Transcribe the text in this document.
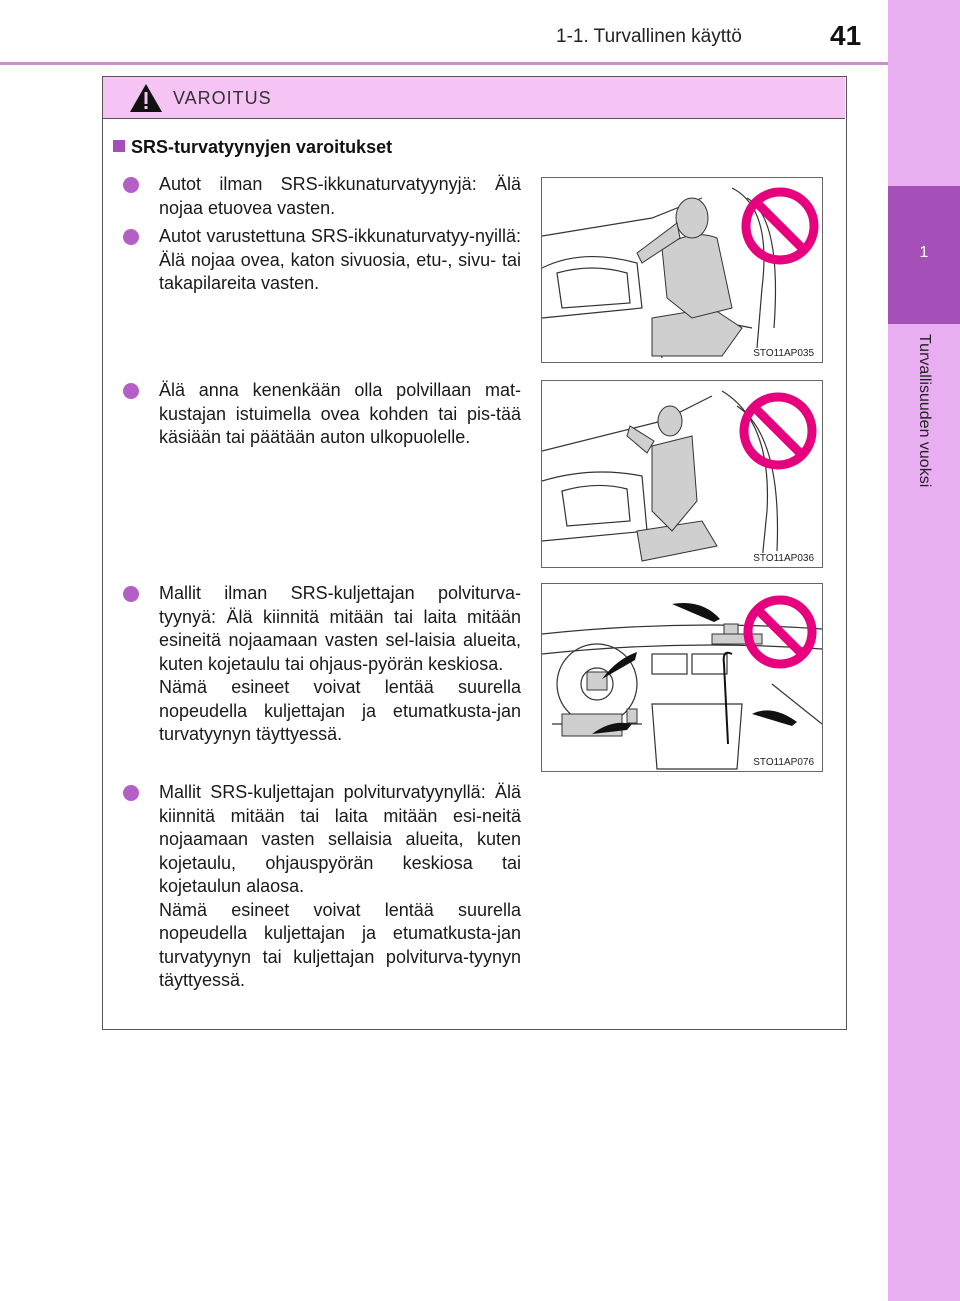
1-1. Turvallinen käyttö	41
1
Turvallisuuden vuoksi
VAROITUS
SRS-turvatyynyjen varoitukset
Autot ilman SRS-ikkunaturvatyynyjä: Älä nojaa etuovea vasten.
Autot varustettuna SRS-ikkunaturvatyy-nyillä: Älä nojaa ovea, katon sivuosia, etu-, sivu- tai takapilareita vasten.
Älä anna kenenkään olla polvillaan mat-kustajan istuimella ovea kohden tai pis-tää käsiään tai päätään auton ulkopuolelle.
Mallit ilman SRS-kuljettajan polviturva-tyynyä: Älä kiinnitä mitään tai laita mitään esineitä nojaamaan vasten sel-laisia alueita, kuten kojetaulu tai ohjaus-pyörän keskiosa.
Nämä esineet voivat lentää suurella nopeudella kuljettajan ja etumatkusta-jan turvatyynyn täyttyessä.
Mallit SRS-kuljettajan polviturvatyynyllä: Älä kiinnitä mitään tai laita mitään esi-neitä nojaamaan vasten sellaisia alueita, kuten kojetaulu, ohjauspyörän keskiosa tai kojetaulun alaosa.
Nämä esineet voivat lentää suurella nopeudella kuljettajan ja etumatkusta-jan turvatyynyn tai kuljettajan polviturva-tyynyn täyttyessä.
STO11AP035
STO11AP036
STO11AP076
